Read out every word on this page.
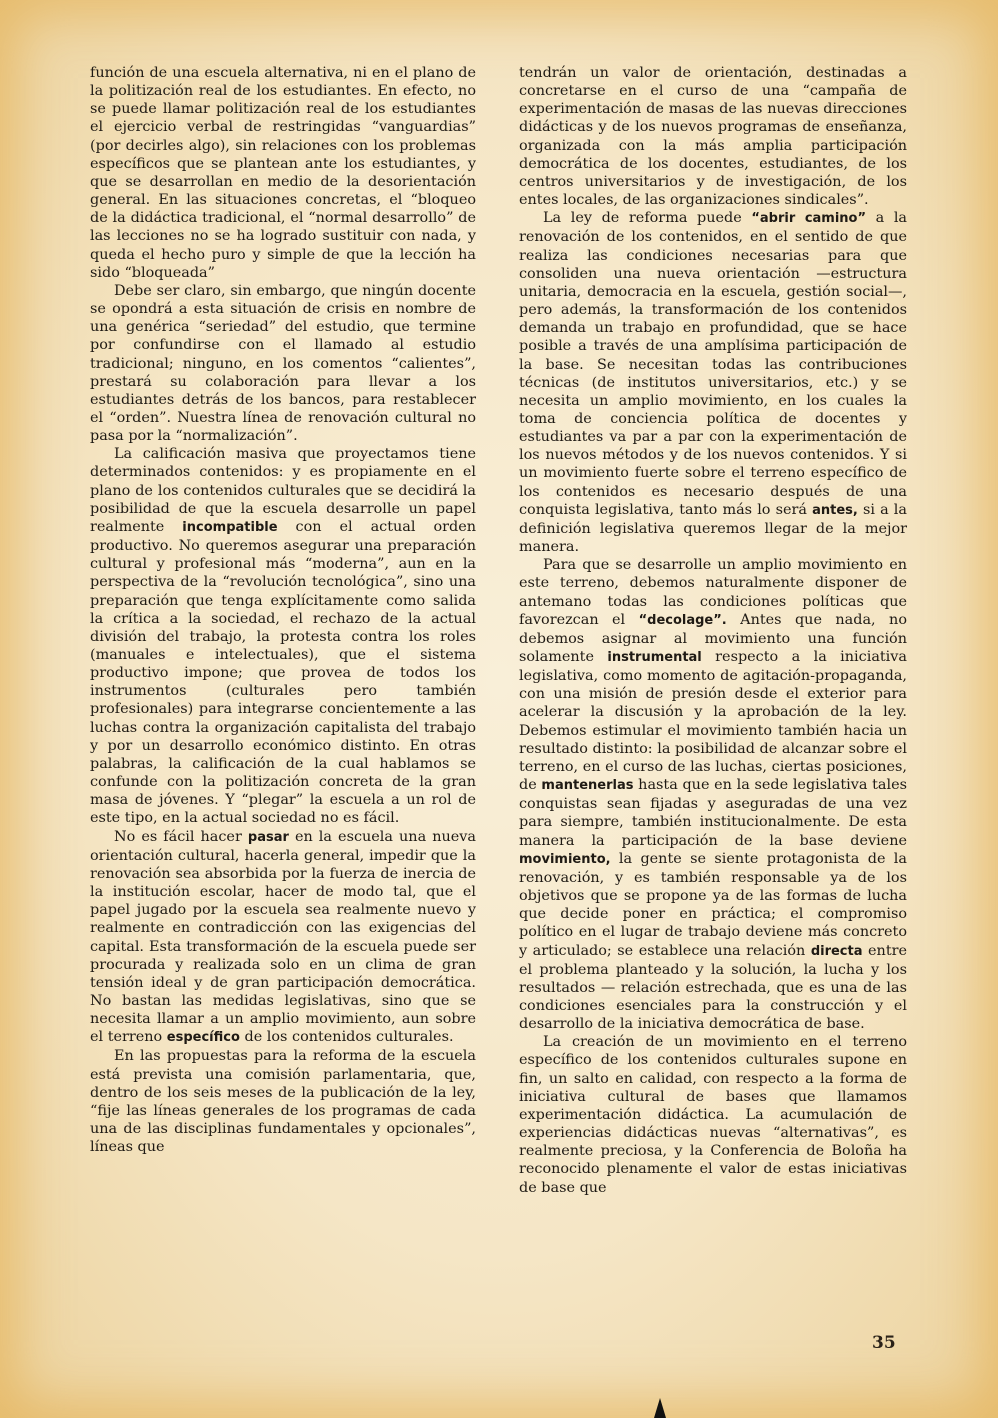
función de una escuela alternativa, ni en el plano de la politización real de los estudiantes. En efecto, no se puede llamar politización real de los estudiantes el ejercicio verbal de restringidas “vanguardias” (por decirles algo), sin relaciones con los problemas específicos que se plantean ante los estudiantes, y que se desarrollan en medio de la desorientación general. En las situaciones concretas, el “bloqueo de la didáctica tradicional, el “normal desarrollo” de las lecciones no se ha logrado sustituir con nada, y queda el hecho puro y simple de que la lección ha sido “bloqueada”

Debe ser claro, sin embargo, que ningún docente se opondrá a esta situación de crisis en nombre de una genérica “seriedad” del estudio, que termine por confundirse con el llamado al estudio tradicional; ninguno, en los comentos “calientes”, prestará su colaboración para llevar a los estudiantes detrás de los bancos, para restablecer el “orden”. Nuestra línea de renovación cultural no pasa por la “normalización”.

La calificación masiva que proyectamos tiene determinados contenidos: y es propiamente en el plano de los contenidos culturales que se decidirá la posibilidad de que la escuela desarrolle un papel realmente incompatible con el actual orden productivo. No queremos asegurar una preparación cultural y profesional más “moderna”, aun en la perspectiva de la “revolución tecnológica”, sino una preparación que tenga explícitamente como salida la crítica a la sociedad, el rechazo de la actual división del trabajo, la protesta contra los roles (manuales e intelectuales), que el sistema productivo impone; que provea de todos los instrumentos (culturales pero también profesionales) para integrarse concientemente a las luchas contra la organización capitalista del trabajo y por un desarrollo económico distinto. En otras palabras, la calificación de la cual hablamos se confunde con la politización concreta de la gran masa de jóvenes. Y “plegar” la escuela a un rol de este tipo, en la actual sociedad no es fácil.

No es fácil hacer pasar en la escuela una nueva orientación cultural, hacerla general, impedir que la renovación sea absorbida por la fuerza de inercia de la institución escolar, hacer de modo tal, que el papel jugado por la escuela sea realmente nuevo y realmente en contradicción con las exigencias del capital. Esta transformación de la escuela puede ser procurada y realizada solo en un clima de gran tensión ideal y de gran participación democrática. No bastan las medidas legislativas, sino que se necesita llamar a un amplio movimiento, aun sobre el terreno específico de los contenidos culturales.

En las propuestas para la reforma de la escuela está prevista una comisión parlamentaria, que, dentro de los seis meses de la publicación de la ley, “fije las líneas generales de los programas de cada una de las disciplinas fundamentales y opcionales”, líneas que

tendrán un valor de orientación, destinadas a concretarse en el curso de una “campaña de experimentación de masas de las nuevas direcciones didácticas y de los nuevos programas de enseñanza, organizada con la más amplia participación democrática de los docentes, estudiantes, de los centros universitarios y de investigación, de los entes locales, de las organizaciones sindicales”.

La ley de reforma puede “abrir camino” a la renovación de los contenidos, en el sentido de que realiza las condiciones necesarias para que consoliden una nueva orientación —estructura unitaria, democracia en la escuela, gestión social—, pero además, la transformación de los contenidos demanda un trabajo en profundidad, que se hace posible a través de una amplísima participación de la base. Se necesitan todas las contribuciones técnicas (de institutos universitarios, etc.) y se necesita un amplio movimiento, en los cuales la toma de conciencia política de docentes y estudiantes va par a par con la experimentación de los nuevos métodos y de los nuevos contenidos. Y si un movimiento fuerte sobre el terreno específico de los contenidos es necesario después de una conquista legislativa, tanto más lo será antes, si a la definición legislativa queremos llegar de la mejor manera.

Para que se desarrolle un amplio movimiento en este terreno, debemos naturalmente disponer de antemano todas las condiciones políticas que favorezcan el “decolage”. Antes que nada, no debemos asignar al movimiento una función solamente instrumental respecto a la iniciativa legislativa, como momento de agitación-propaganda, con una misión de presión desde el exterior para acelerar la discusión y la aprobación de la ley. Debemos estimular el movimiento también hacia un resultado distinto: la posibilidad de alcanzar sobre el terreno, en el curso de las luchas, ciertas posiciones, de mantenerlas hasta que en la sede legislativa tales conquistas sean fijadas y aseguradas de una vez para siempre, también institucionalmente. De esta manera la participación de la base deviene movimiento, la gente se siente protagonista de la renovación, y es también responsable ya de los objetivos que se propone ya de las formas de lucha que decide poner en práctica; el compromiso político en el lugar de trabajo deviene más concreto y articulado; se establece una relación directa entre el problema planteado y la solución, la lucha y los resultados — relación estrechada, que es una de las condiciones esenciales para la construcción y el desarrollo de la iniciativa democrática de base.

La creación de un movimiento en el terreno específico de los contenidos culturales supone en fin, un salto en calidad, con respecto a la forma de iniciativa cultural de bases que llamamos experimentación didáctica. La acumulación de experiencias didácticas nuevas “alternativas”, es realmente preciosa, y la Conferencia de Boloña ha reconocido plenamente el valor de estas iniciativas de base que

35
